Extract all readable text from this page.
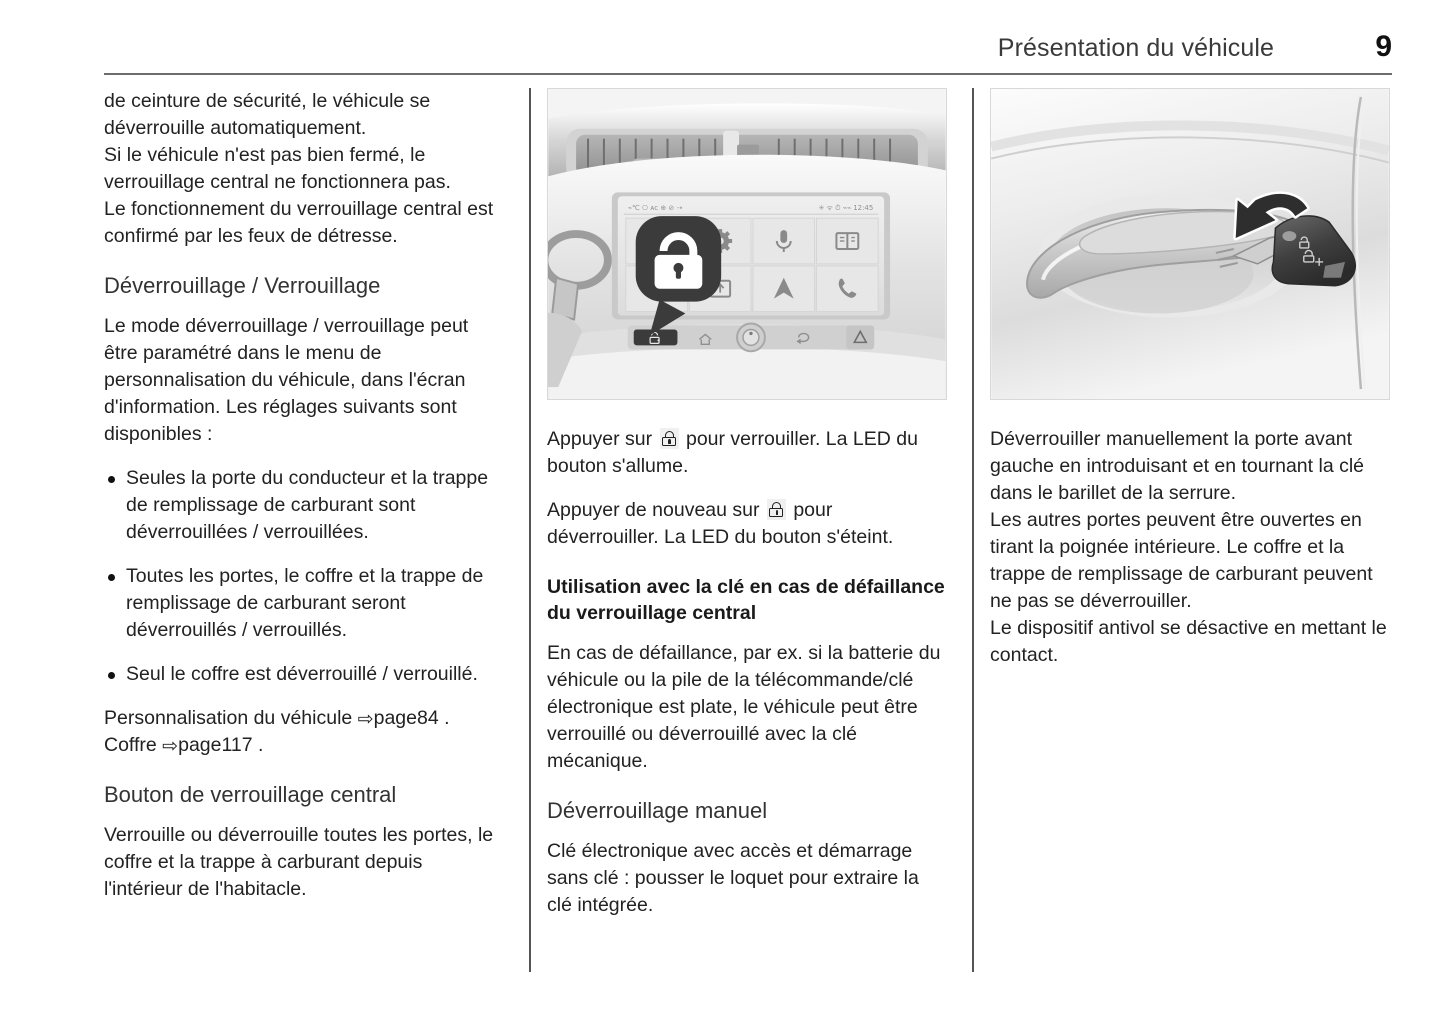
Présentation du véhicule	9

de ceinture de sécurité, le véhicule se déverrouille automatiquement.
Si le véhicule n'est pas bien fermé, le verrouillage central ne fonctionnera pas.
Le fonctionnement du verrouillage central est confirmé par les feux de détresse.

Déverrouillage / Verrouillage

Le mode déverrouillage / verrouillage peut être paramétré dans le menu de personnalisation du véhicule, dans l'écran d'information. Les réglages suivants sont disponibles :

Seules la porte du conducteur et la trappe de remplissage de carburant sont déverrouillées / verrouillées.
Toutes les portes, le coffre et la trappe de remplissage de carburant seront déverrouillés / verrouillés.
Seul le coffre est déverrouillé / verrouillé.

Personnalisation du véhicule ⇨page84 .

Coffre ⇨page117 .

Bouton de verrouillage central

Verrouille ou déverrouille toutes les portes, le coffre et la trappe à carburant depuis l'intérieur de l'habitacle.

⌁℃ ⎔ ᴀᴄ ⊕ ⊘ ⇢	✳ ᯤ ⏱ ⌁⌁ 12:45

Appuyer sur
pour verrouiller. La LED du bouton s'allume.

Appuyer de nouveau sur
pour déverrouiller. La LED du bouton s'éteint.

Utilisation avec la clé en cas de défaillance du verrouillage central

En cas de défaillance, par ex. si la batterie du véhicule ou la pile de la télécommande/clé électronique est plate, le véhicule peut être verrouillé ou déverrouillé avec la clé mécanique.

Déverrouillage manuel

Clé électronique avec accès et démarrage sans clé : pousser le loquet pour extraire la clé intégrée.

Déverrouiller manuellement la porte avant gauche en introduisant et en tournant la clé dans le barillet de la serrure.
Les autres portes peuvent être ouvertes en tirant la poignée intérieure. Le coffre et la trappe de remplissage de carburant peuvent ne pas se déverrouiller.
Le dispositif antivol se désactive en mettant le contact.
